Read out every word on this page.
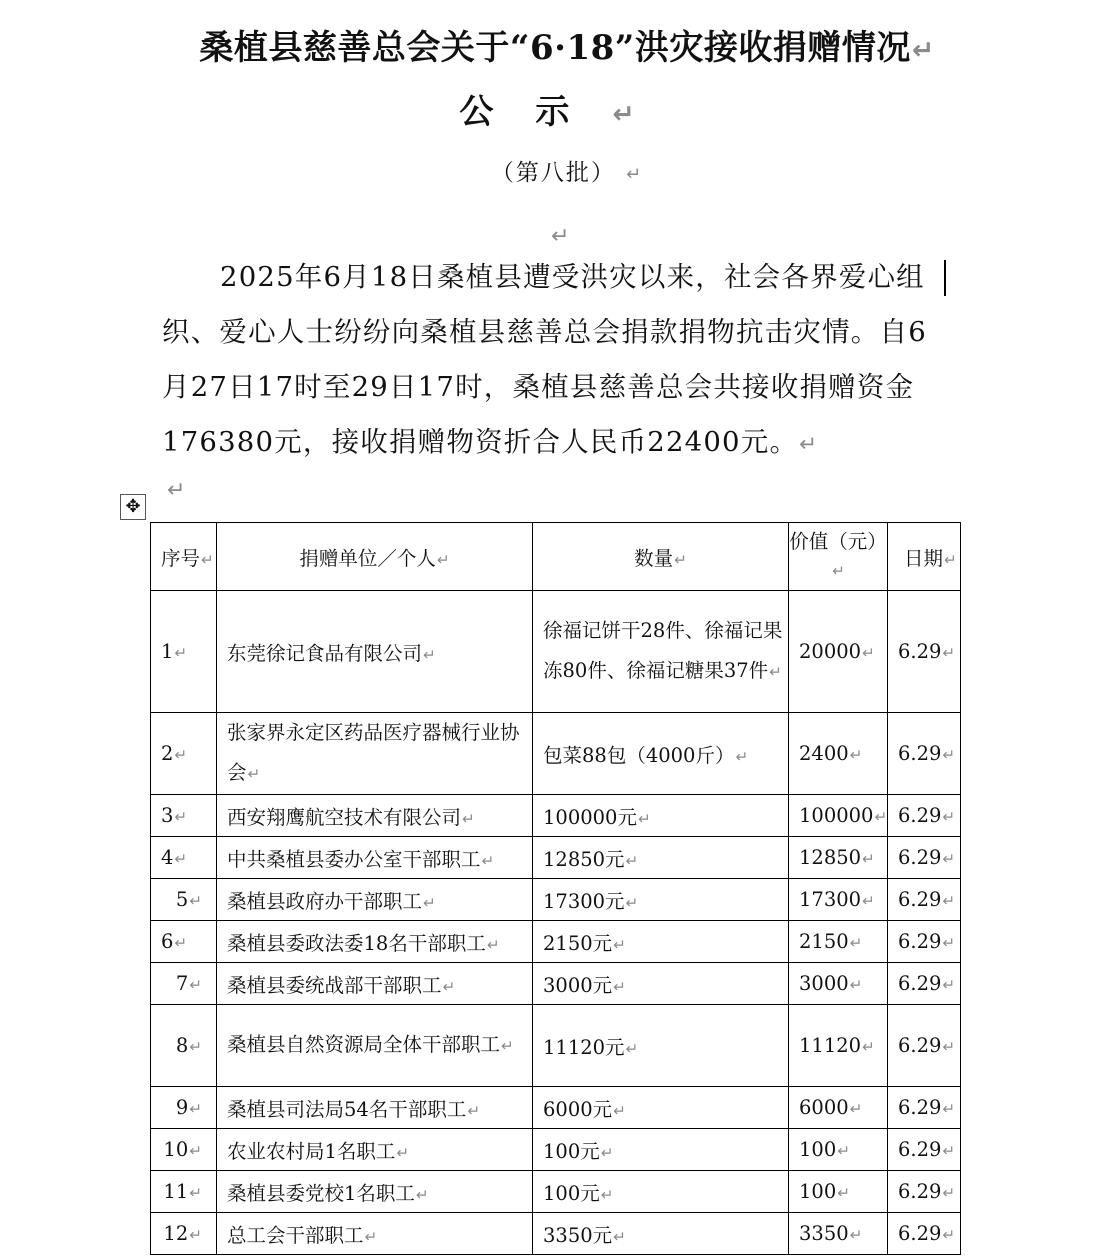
桑植县慈善总会关于“6·18”洪灾接收捐赠情况↵
公示↵
（第八批） ↵
↵
2025年6月18日桑植县遭受洪灾以来，社会各界爱心组织、爱心人士纷纷向桑植县慈善总会捐款捐物抗击灾情。自6月27日17时至29日17时，桑植县慈善总会共接收捐赠资金176380元，接收捐赠物资折合人民币22400元。↵
↵
✥
序号↵	捐赠单位／个人↵	数量↵	价值（元）↵	日期↵
1↵	东莞徐记食品有限公司↵	徐福记饼干28件、徐福记果冻80件、徐福记糖果37件↵	20000↵	6.29↵
2↵	张家界永定区药品医疗器械行业协会↵	包菜88包（4000斤）↵	2400↵	6.29↵
3↵	西安翔鹰航空技术有限公司↵	100000元↵	100000↵	6.29↵
4↵	中共桑植县委办公室干部职工↵	12850元↵	12850↵	6.29↵
5↵	桑植县政府办干部职工↵	17300元↵	17300↵	6.29↵
6↵	桑植县委政法委18名干部职工↵	2150元↵	2150↵	6.29↵
7↵	桑植县委统战部干部职工↵	3000元↵	3000↵	6.29↵
8↵	桑植县自然资源局全体干部职工↵	11120元↵	11120↵	6.29↵
9↵	桑植县司法局54名干部职工↵	6000元↵	6000↵	6.29↵
10↵	农业农村局1名职工↵	100元↵	100↵	6.29↵
11↵	桑植县委党校1名职工↵	100元↵	100↵	6.29↵
12↵	总工会干部职工↵	3350元↵	3350↵	6.29↵
